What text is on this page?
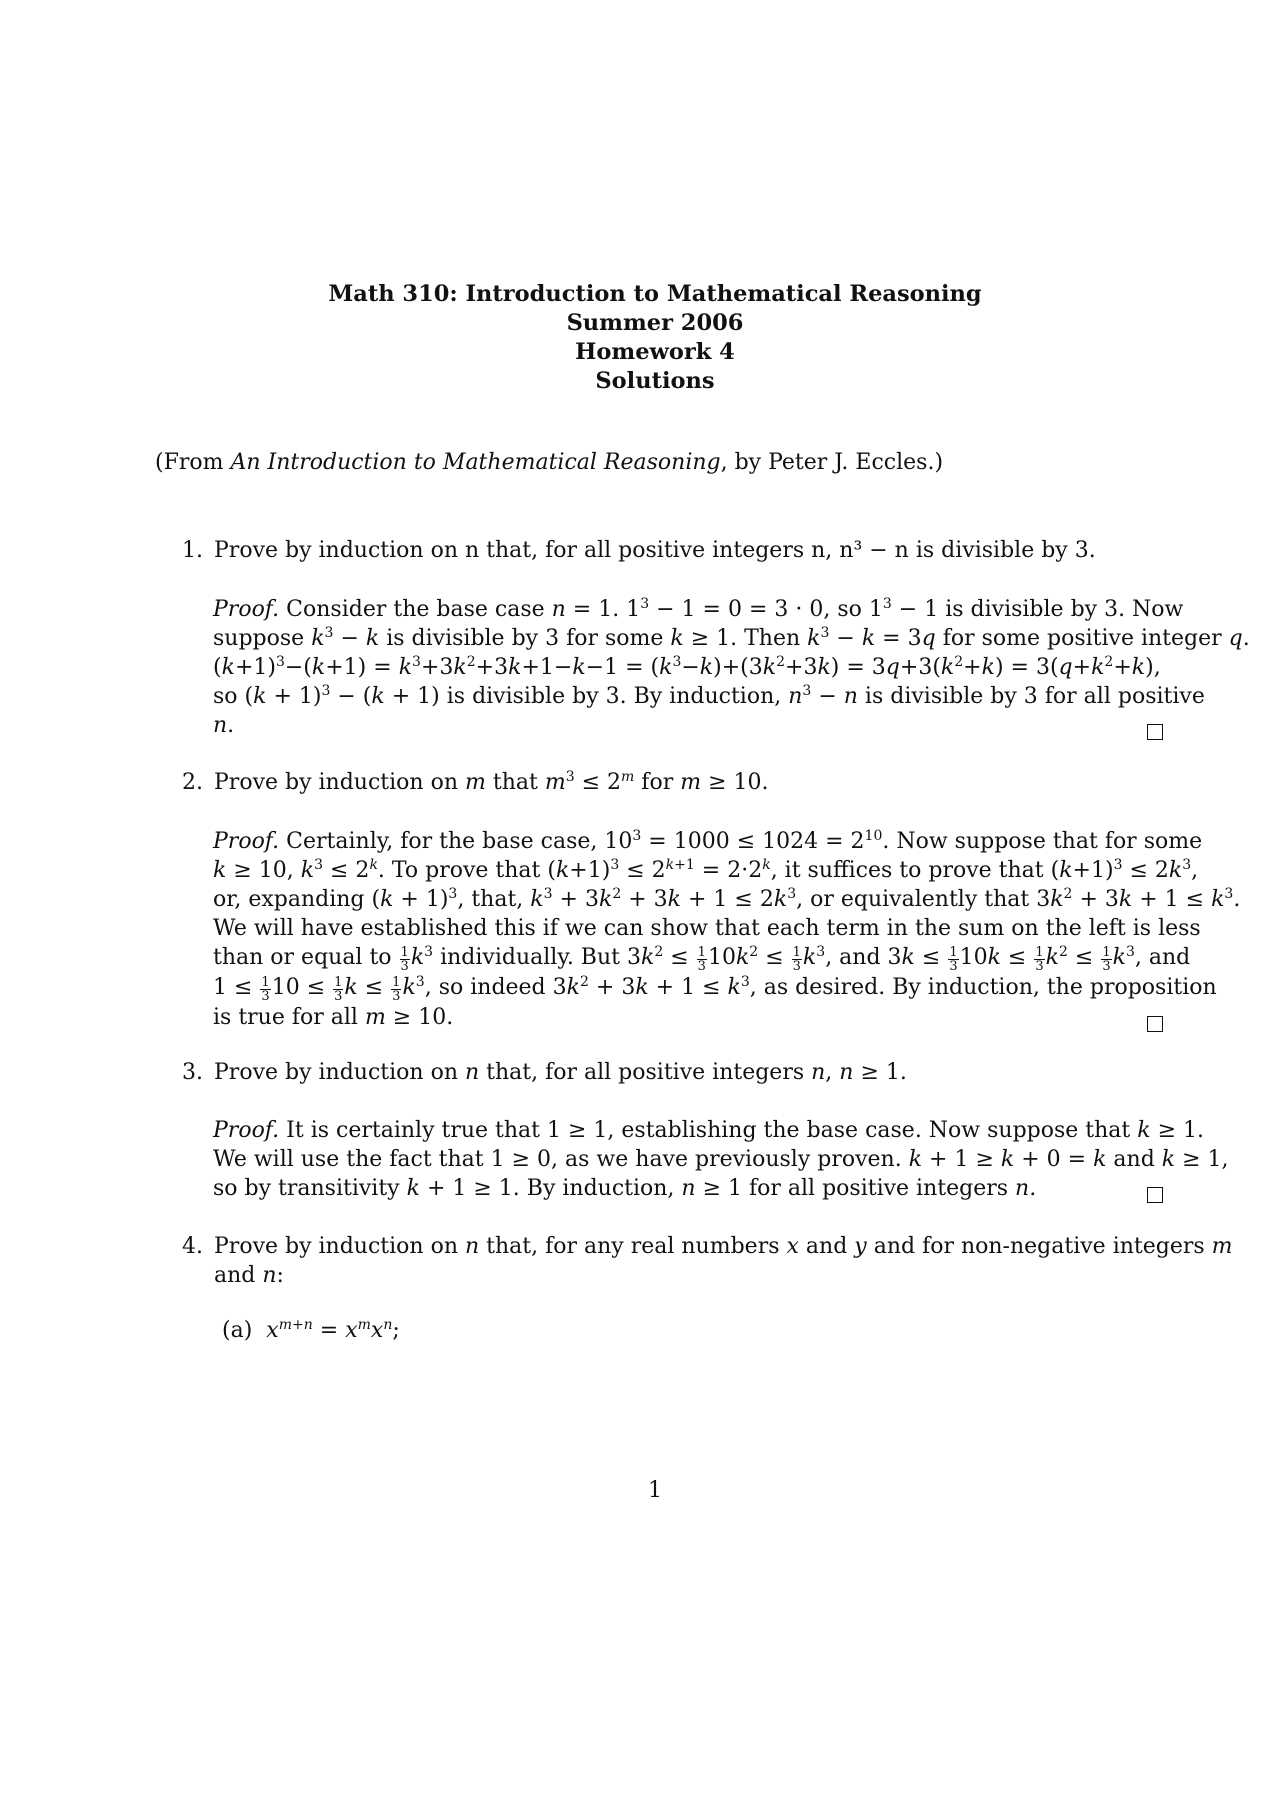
Math 310: Introduction to Mathematical Reasoning
Summer 2006
Homework 4
Solutions
(From An Introduction to Mathematical Reasoning, by Peter J. Eccles.)
1. Prove by induction on n that, for all positive integers n, n³ − n is divisible by 3.
Proof. Consider the base case n = 1. $1^3 - 1 = 0 = 3 \cdot 0$, so $1^3 - 1$ is divisible by 3. Now
suppose $k^3 - k$ is divisible by 3 for some k ≥ 1. Then $k^3 - k = 3q$ for some positive integer q.
$(k+1)^3-(k+1) = k^3+3k^2+3k+1-k-1 = (k^3-k)+(3k^2+3k) = 3q+3(k^2+k) = 3(q+k^2+k)$,
so $(k + 1)^3 - (k + 1)$ is divisible by 3. By induction, $n^3 - n$ is divisible by 3 for all positive
n.
2. Prove by induction on m that $m^3 \le 2^m$ for m ≥ 10.
Proof. Certainly, for the base case, $10^3 = 1000 \le 1024 = 2^{10}$. Now suppose that for some
k ≥ 10, $k^3 \le 2^k$. To prove that $(k+1)^3 \le 2^{k+1} = 2\cdot 2^k$, it suffices to prove that $(k+1)^3 \le 2k^3$,
or, expanding $(k + 1)^3$, that, $k^3 + 3k^2 + 3k + 1 \le 2k^3$, or equivalently that $3k^2 + 3k + 1 \le k^3$.
We will have established this if we can show that each term in the sum on the left is less
than or equal to $\frac{1}{3} k^3$ individually. But $3k^2 \le \frac{1}{3} 10k^2 \le \frac{1}{3} k^3$, and $3k \le \frac{1}{3} 10k \le \frac{1}{3} k^2 \le \frac{1}{3} k^3$, and
$1 \le \frac{1}{3} 10 \le \frac{1}{3}$ $k \le \frac{1}{3} k^3$, so indeed $3k^2 + 3k + 1 \le k^3$, as desired. By induction, the proposition
is true for all m ≥ 10.
3. Prove by induction on n that, for all positive integers n, n ≥ 1.
Proof. It is certainly true that 1 ≥ 1, establishing the base case. Now suppose that k ≥ 1.
We will use the fact that 1 ≥ 0, as we have previously proven. k + 1 ≥ k + 0 = k and k ≥ 1,
so by transitivity k + 1 ≥ 1. By induction, n ≥ 1 for all positive integers n.
4. Prove by induction on n that, for any real numbers x and y and for non-negative integers m
and n:
(a) $x^{m+n} = x^mx^n$;
1
